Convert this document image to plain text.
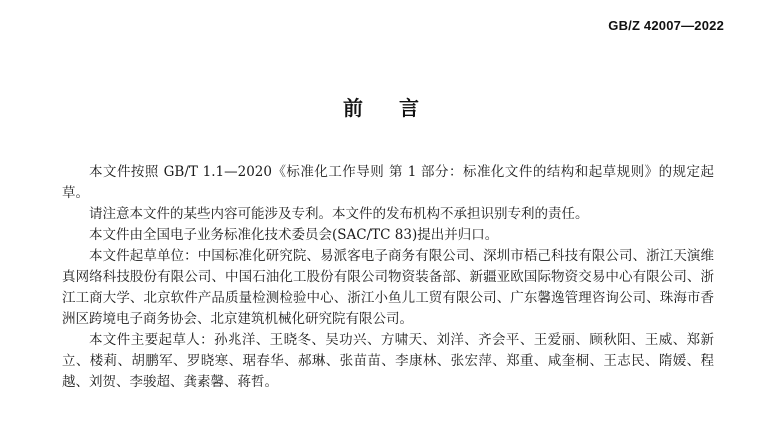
GB/Z 42007—2022
前言

本文件按照 GB/T 1.1—2020《标准化工作导则 第 1 部分：标准化文件的结构和起草规则》的规定起草。

请注意本文件的某些内容可能涉及专利。本文件的发布机构不承担识别专利的责任。

本文件由全国电子业务标准化技术委员会(SAC/TC 83)提出并归口。

本文件起草单位：中国标准化研究院、易派客电子商务有限公司、深圳市梧己科技有限公司、浙江天演维真网络科技股份有限公司、中国石油化工股份有限公司物资装备部、新疆亚欧国际物资交易中心有限公司、浙江工商大学、北京软件产品质量检测检验中心、浙江小鱼儿工贸有限公司、广东馨逸管理咨询公司、珠海市香洲区跨境电子商务协会、北京建筑机械化研究院有限公司。

本文件主要起草人：孙兆洋、王晓冬、吴功兴、方啸天、刘洋、齐会平、王爱丽、顾秋阳、王威、郑新立、楼莉、胡鹏军、罗晓寒、琚春华、郝琳、张苗苗、李康林、张宏萍、郑重、咸奎桐、王志民、隋媛、程越、刘贺、李骏超、龚素馨、蒋哲。
